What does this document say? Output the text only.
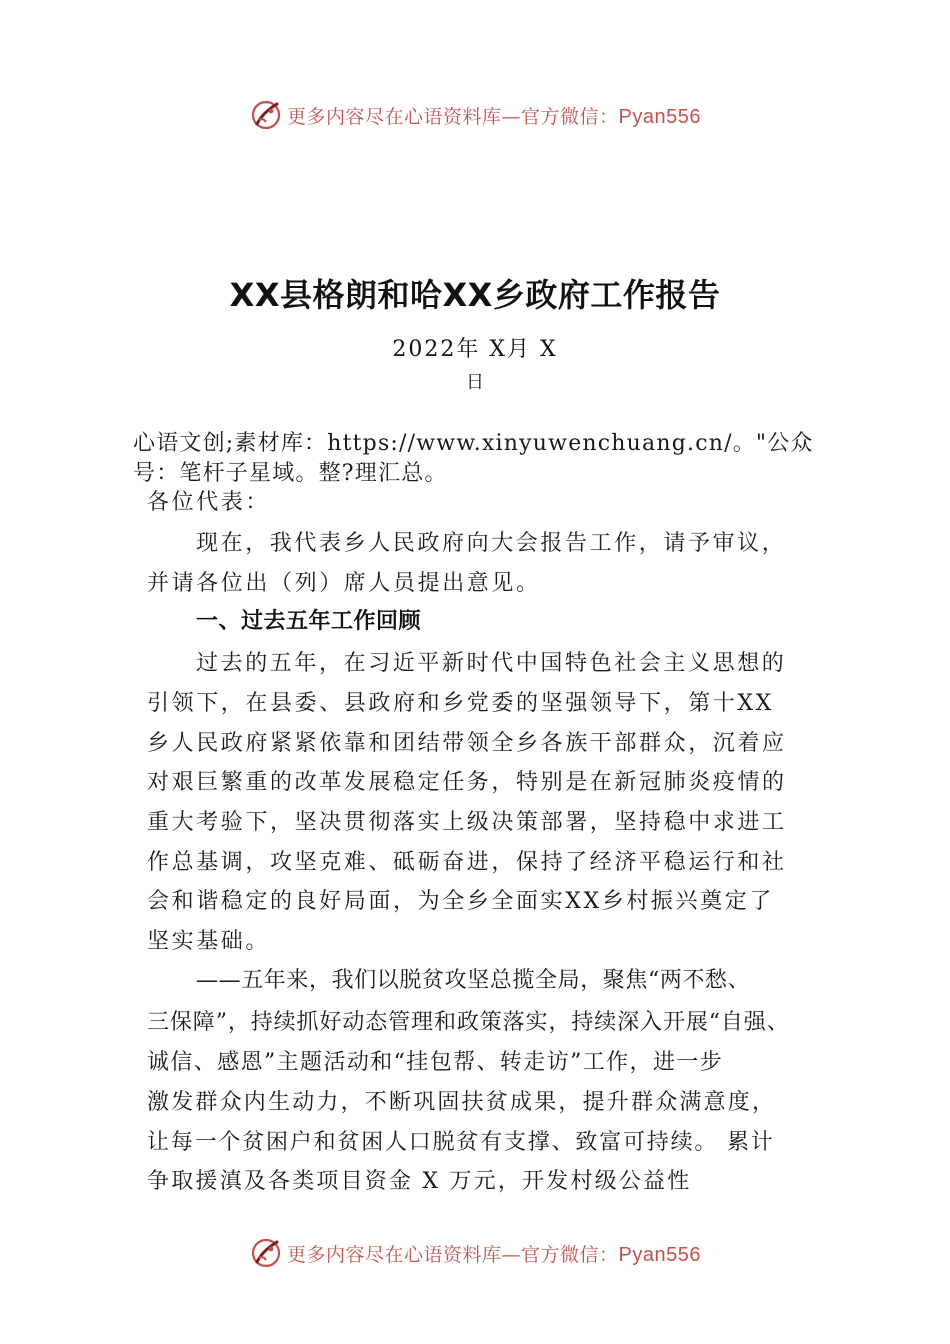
更多内容尽在心语资料库—官方微信：Pyan556
XX县格朗和哈XX乡政府工作报告
2022年 X月 X
日
心语文创;素材库：https://www.xinyuwenchuang.cn/。"公众
号：笔杆子星域。整?理汇总。
各位代表：
现在，我代表乡人民政府向大会报告工作，请予审议，
并请各位出（列）席人员提出意见。
一、过去五年工作回顾
过去的五年，在习近平新时代中国特色社会主义思想的
引领下，在县委、县政府和乡党委的坚强领导下，第十XX
乡人民政府紧紧依靠和团结带领全乡各族干部群众，沉着应
对艰巨繁重的改革发展稳定任务，特别是在新冠肺炎疫情的
重大考验下，坚决贯彻落实上级决策部署，坚持稳中求进工
作总基调，攻坚克难、砥砺奋进，保持了经济平稳运行和社
会和谐稳定的良好局面，为全乡全面实XX乡村振兴奠定了
坚实基础。
——五年来，我们以脱贫攻坚总揽全局，聚焦“两不愁、
三保障”，持续抓好动态管理和政策落实，持续深入开展“自强、
诚信、感恩”主题活动和“挂包帮、转走访”工作，进一步
激发群众内生动力，不断巩固扶贫成果，提升群众满意度，
让每一个贫困户和贫困人口脱贫有支撑、致富可持续。 累计
争取援滇及各类项目资金 X 万元，开发村级公益性
更多内容尽在心语资料库—官方微信：Pyan556
